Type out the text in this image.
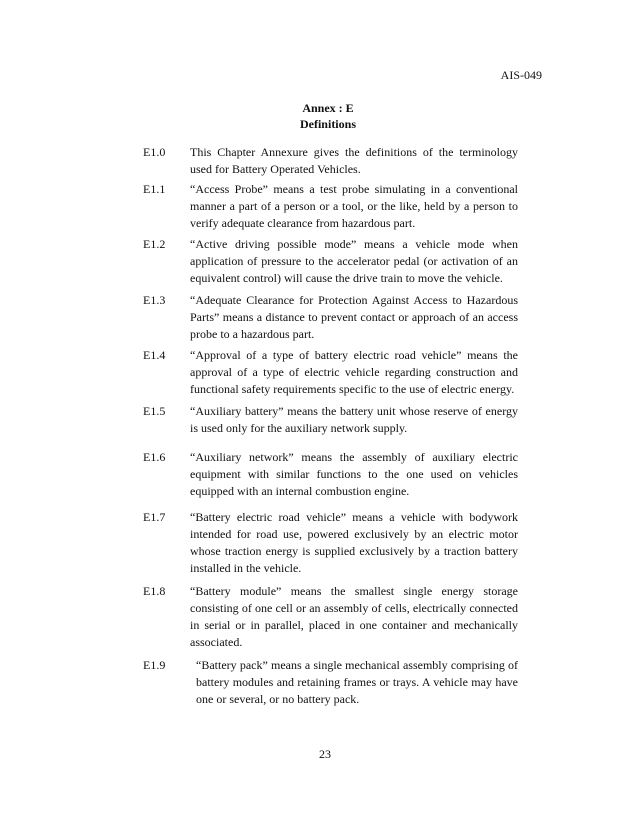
AIS-049
Annex : E
Definitions
E1.0	This Chapter Annexure gives the definitions of the terminology used for Battery Operated Vehicles.
E1.1	“Access Probe” means a test probe simulating in a conventional manner a part of a person or a tool, or the like, held by a person to verify adequate clearance from hazardous part.
E1.2	“Active driving possible mode” means a vehicle mode when application of pressure to the accelerator pedal (or activation of an equivalent control) will cause the drive train to move the vehicle.
E1.3	“Adequate Clearance for Protection Against Access to Hazardous Parts” means a distance to prevent contact or approach of an access probe to a hazardous part.
E1.4	“Approval of a type of battery electric road vehicle” means the approval of a type of electric vehicle regarding construction and functional safety requirements specific to the use of electric energy.
E1.5	“Auxiliary battery” means the battery unit whose reserve of energy is used only for the auxiliary network supply.
E1.6	“Auxiliary network” means the assembly of auxiliary electric equipment with similar functions to the one used on vehicles equipped with an internal combustion engine.
E1.7	“Battery electric road vehicle” means a vehicle with bodywork intended for road use, powered exclusively by an electric motor whose traction energy is supplied exclusively by a traction battery installed in the vehicle.
E1.8	“Battery module” means the smallest single energy storage consisting of one cell or an assembly of cells, electrically connected in serial or in parallel, placed in one container and mechanically associated.
E1.9	“Battery pack” means a single mechanical assembly comprising of battery modules and retaining frames or trays. A vehicle may have one or several, or no battery pack.
23
